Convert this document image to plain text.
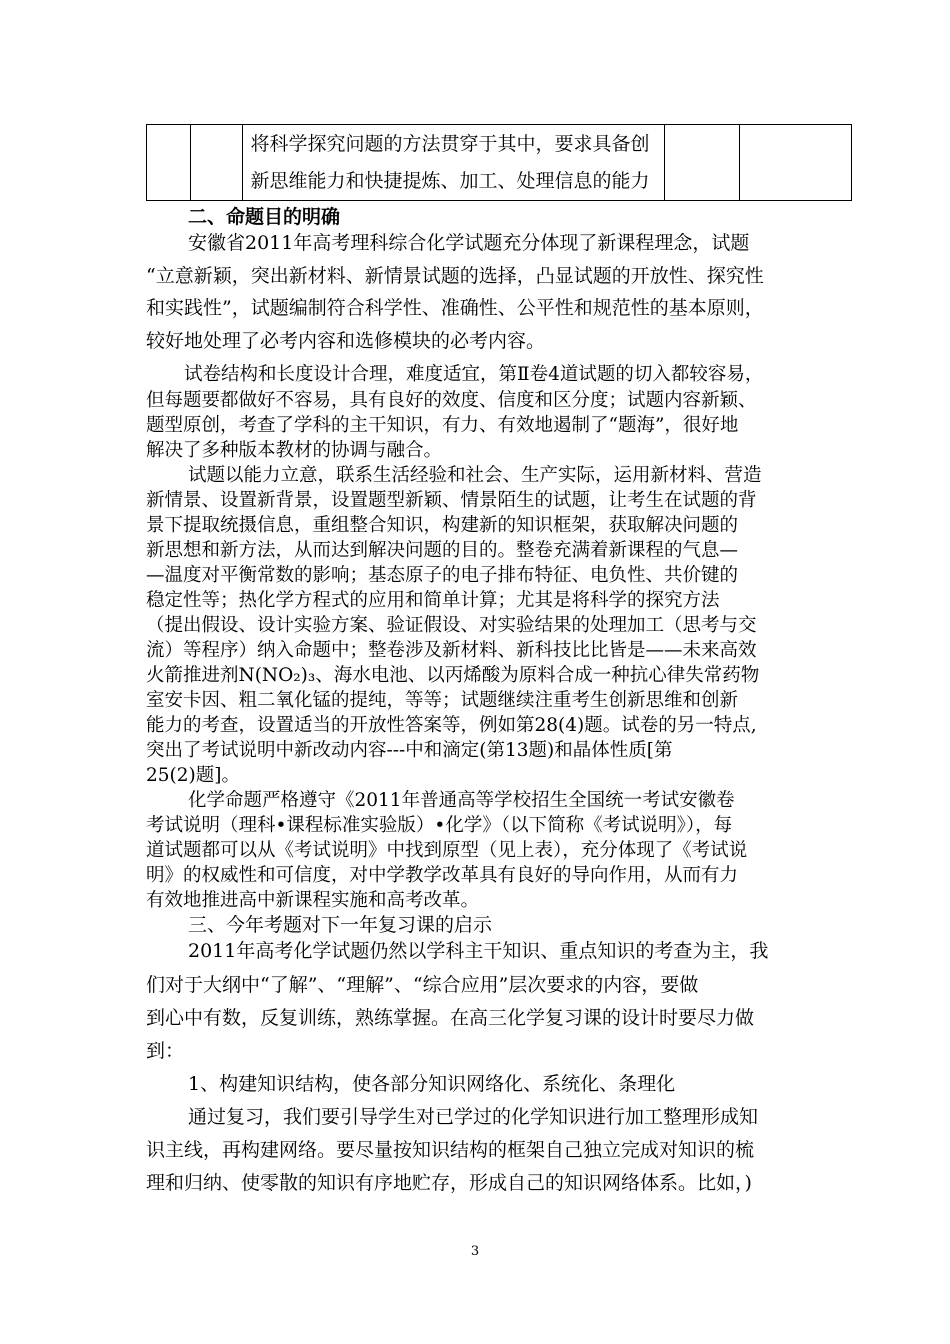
将科学探究问题的方法贯穿于其中，要求具备创
新思维能力和快捷提炼、加工、处理信息的能力

二、命题目的明确
安徽省2011年高考理科综合化学试题充分体现了新课程理念，试题
“立意新颖，突出新材料、新情景试题的选择，凸显试题的开放性、探究性
和实践性”，试题编制符合科学性、准确性、公平性和规范性的基本原则，
较好地处理了必考内容和选修模块的必考内容。
试卷结构和长度设计合理，难度适宜，第Ⅱ卷4道试题的切入都较容易，
但每题要都做好不容易，具有良好的效度、信度和区分度；试题内容新颖、
题型原创，考查了学科的主干知识，有力、有效地遏制了“题海”，很好地
解决了多种版本教材的协调与融合。
试题以能力立意，联系生活经验和社会、生产实际，运用新材料、营造
新情景、设置新背景，设置题型新颖、情景陌生的试题，让考生在试题的背
景下提取统摄信息，重组整合知识，构建新的知识框架，获取解决问题的
新思想和新方法，从而达到解决问题的目的。整卷充满着新课程的气息—
—温度对平衡常数的影响；基态原子的电子排布特征、电负性、共价键的
稳定性等；热化学方程式的应用和简单计算；尤其是将科学的探究方法
（提出假设、设计实验方案、验证假设、对实验结果的处理加工（思考与交
流）等程序）纳入命题中；整卷涉及新材料、新科技比比皆是——未来高效
火箭推进剂N(NO₂)₃、海水电池、以丙烯酸为原料合成一种抗心律失常药物
室安卡因、粗二氧化锰的提纯，等等；试题继续注重考生创新思维和创新
能力的考查，设置适当的开放性答案等，例如第28(4)题。试卷的另一特点,
突出了考试说明中新改动内容---中和滴定(第13题)和晶体性质[第
25(2)题]。
化学命题严格遵守《2011年普通高等学校招生全国统一考试安徽卷
考试说明（理科•课程标准实验版）•化学》（以下简称《考试说明》），每
道试题都可以从《考试说明》中找到原型（见上表），充分体现了《考试说
明》的权威性和可信度，对中学教学改革具有良好的导向作用，从而有力
有效地推进高中新课程实施和高考改革。
三、今年考题对下一年复习课的启示
2011年高考化学试题仍然以学科主干知识、重点知识的考查为主，我
们对于大纲中“了解”、“理解”、“综合应用”层次要求的内容，要做
到心中有数，反复训练，熟练掌握。在高三化学复习课的设计时要尽力做
到：
1、构建知识结构，使各部分知识网络化、系统化、条理化
通过复习，我们要引导学生对已学过的化学知识进行加工整理形成知
识主线，再构建网络。要尽量按知识结构的框架自己独立完成对知识的梳
理和归纳、使零散的知识有序地贮存，形成自己的知识网络体系。比如，)
3
